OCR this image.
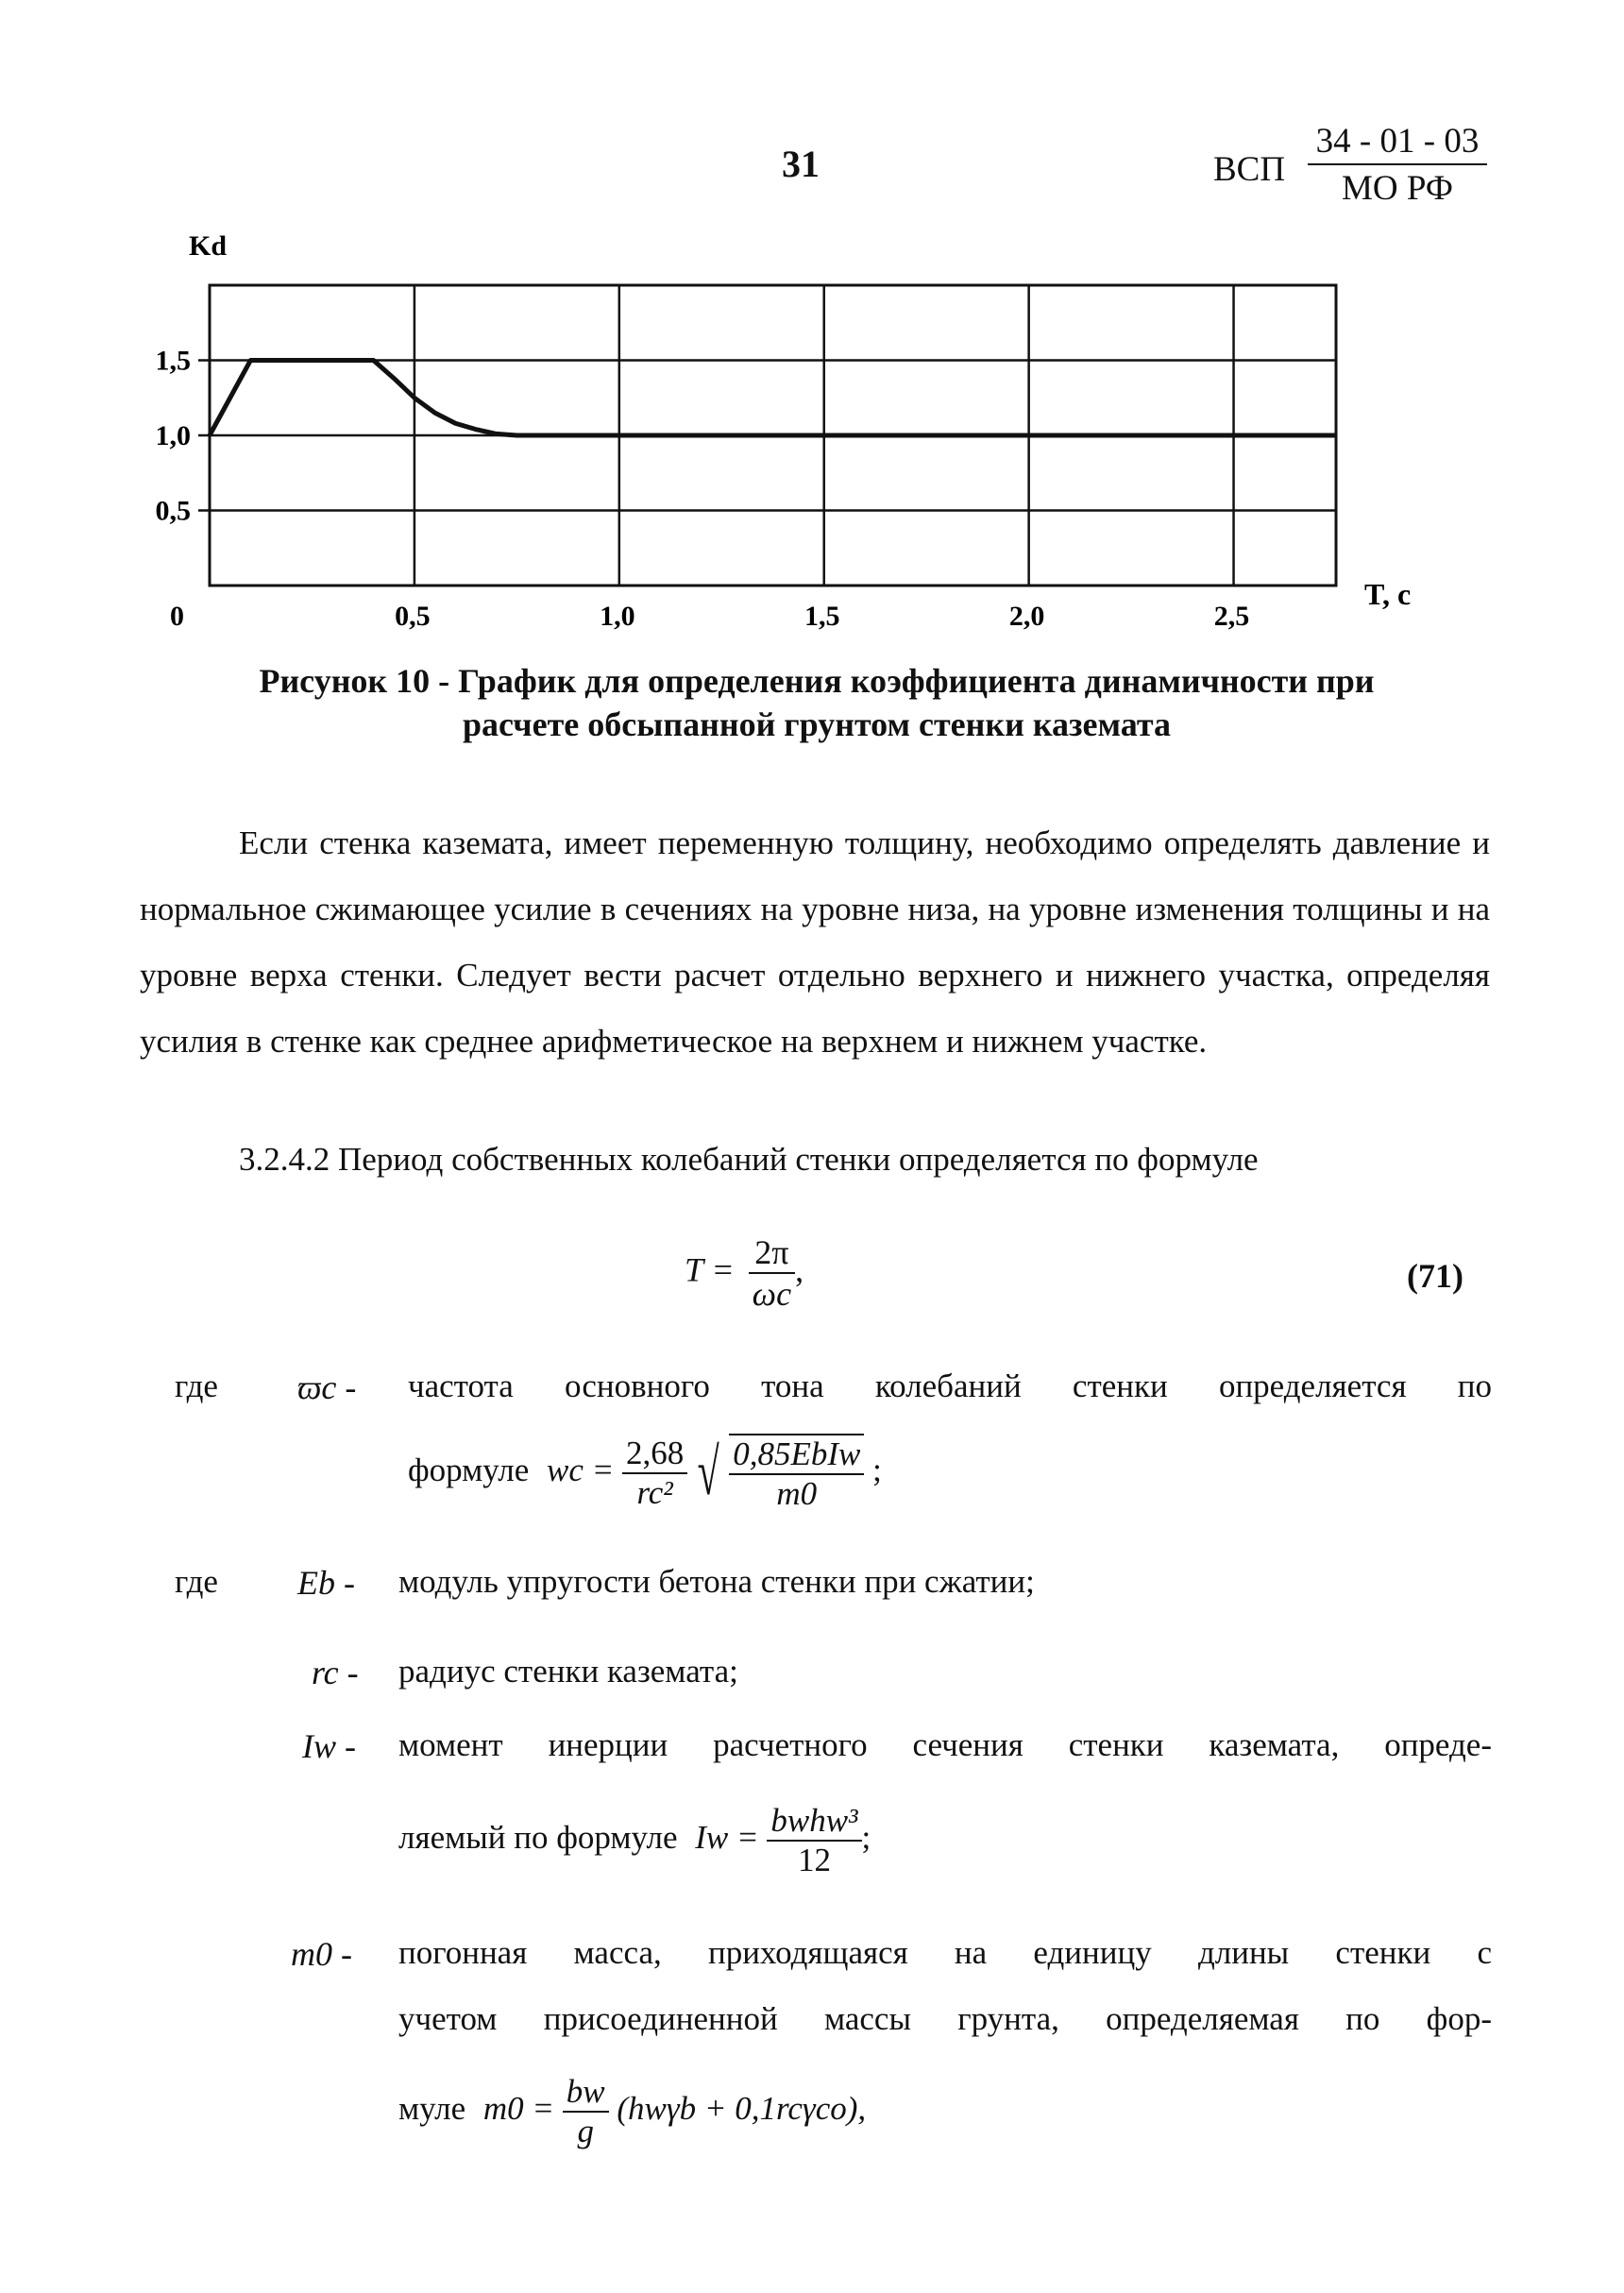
31	ВСП
34 - 01 - 03
МО РФ
0	0,5	1,0	1,5	2,0	2,5
0,5
1,0
1,5
Kd
T, c
Рисунок 10 - График для определения коэффициента динамичности при
расчете обсыпанной грунтом стенки каземата
Если стенка каземата, имеет переменную толщину, необходимо определять давление и нормальное сжимающее усилие в сечениях на уровне низа, на уровне изменения толщины и на уровне верха стенки. Следует вести расчет отдельно верхнего и нижнего участка, определяя усилия в стенке как среднее арифметическое на верхнем и нижнем участке.
3.2.4.2 Период собственных колебаний стенки определяется по формуле
$T = \frac{2\pi}{\omega c}$ ,	(71)
где ϖc - частота основного тона колебаний стенки определяется по
формуле wc = $\frac{2,68}{\text{rc²}}$ √ 0,85EbIw
m0
;
где Eb - модуль упругости бетона стенки при сжатии;
rc - радиус стенки каземата;
Iw - момент инерции расчетного сечения стенки каземата, опреде-
ляемый по формуле Iw = bwhw³
12
;
m0 - погонная масса, приходящаяся на единицу длины стенки с
учетом присоединенной массы грунта, определяемая по фор-
муле $m0 = \frac{bw}{g} (hw\gamma b + 0,1rc\gamma co)$,
